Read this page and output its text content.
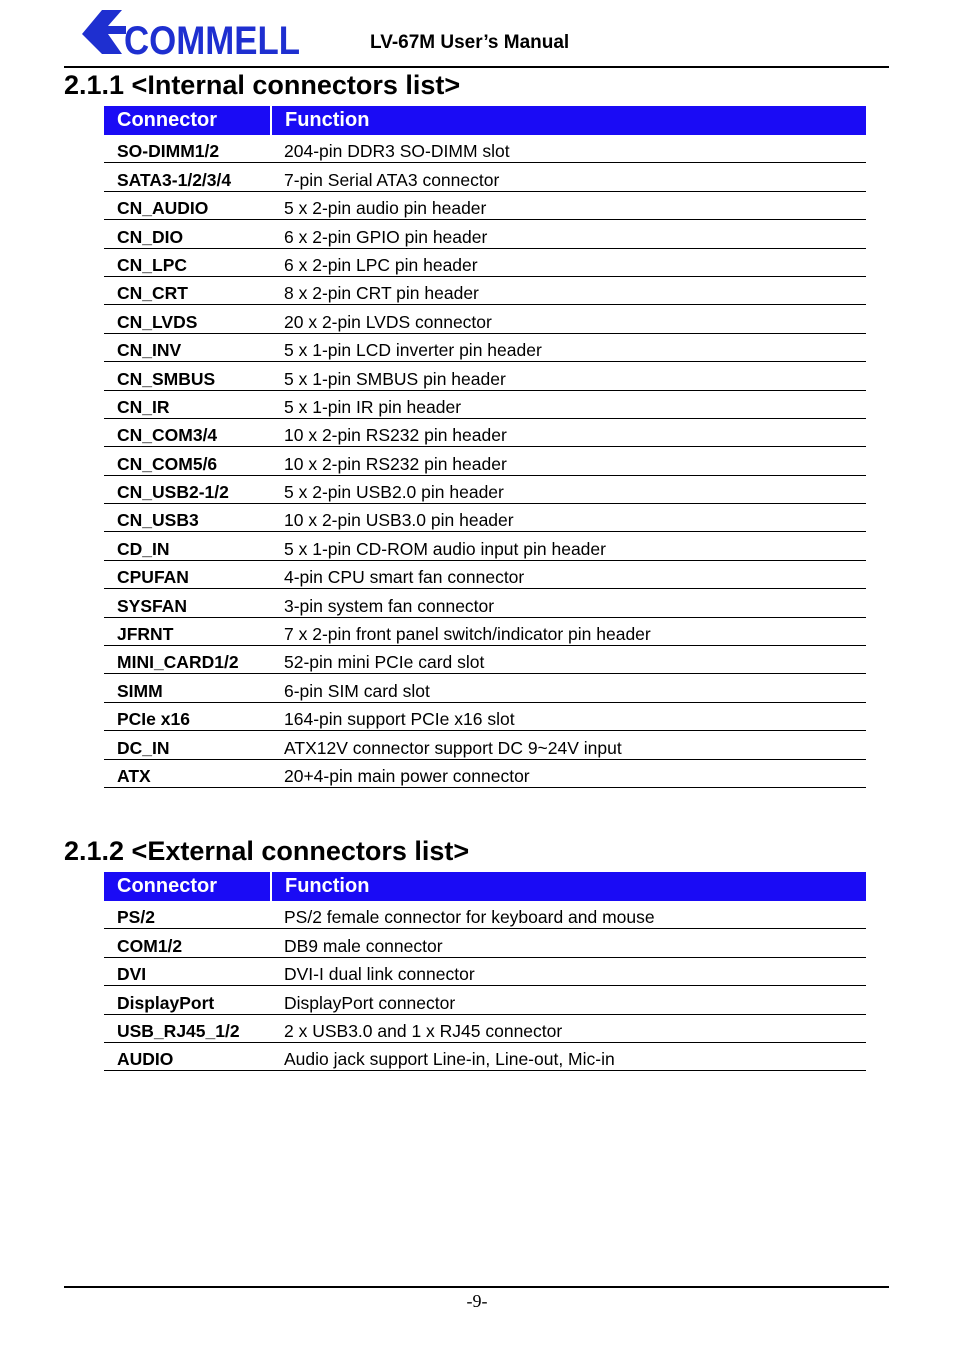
COMMELL	LV-67M User’s Manual
2.1.1 <Internal connectors list>
Connector	Function
SO-DIMM1/2	204-pin DDR3 SO-DIMM slot
SATA3-1/2/3/4	7-pin Serial ATA3 connector
CN_AUDIO	5 x 2-pin audio pin header
CN_DIO	6 x 2-pin GPIO pin header
CN_LPC	6 x 2-pin LPC pin header
CN_CRT	8 x 2-pin CRT pin header
CN_LVDS	20 x 2-pin LVDS connector
CN_INV	5 x 1-pin LCD inverter pin header
CN_SMBUS	5 x 1-pin SMBUS pin header
CN_IR	5 x 1-pin IR pin header
CN_COM3/4	10 x 2-pin RS232 pin header
CN_COM5/6	10 x 2-pin RS232 pin header
CN_USB2-1/2	5 x 2-pin USB2.0 pin header
CN_USB3	10 x 2-pin USB3.0 pin header
CD_IN	5 x 1-pin CD-ROM audio input pin header
CPUFAN	4-pin CPU smart fan connector
SYSFAN	3-pin system fan connector
JFRNT	7 x 2-pin front panel switch/indicator pin header
MINI_CARD1/2	52-pin mini PCIe card slot
SIMM	6-pin SIM card slot
PCIe x16	164-pin support PCIe x16 slot
DC_IN	ATX12V connector support DC 9~24V input
ATX	20+4-pin main power connector
2.1.2 <External connectors list>
Connector	Function
PS/2	PS/2 female connector for keyboard and mouse
COM1/2	DB9 male connector
DVI	DVI-I dual link connector
DisplayPort	DisplayPort connector
USB_RJ45_1/2	2 x USB3.0 and 1 x RJ45 connector
AUDIO	Audio jack support Line-in, Line-out, Mic-in
-9-
